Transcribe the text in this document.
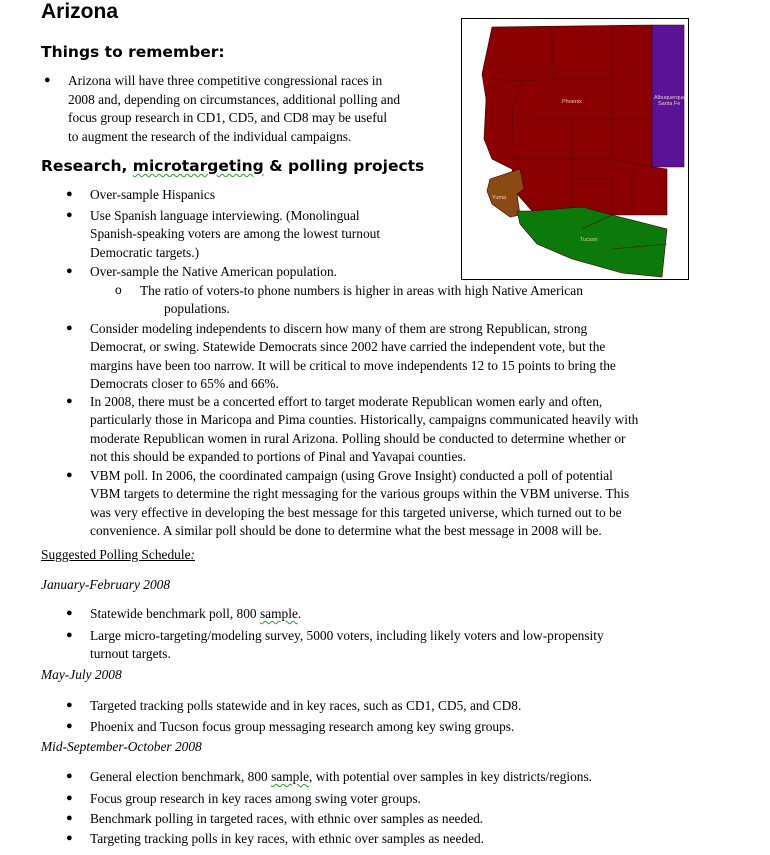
Arizona
Things to remember:
● Arizona will have three competitive congressional races in
2008 and, depending on circumstances, additional polling and
focus group research in CD1, CD5, and CD8 may be useful
to augment the research of the individual campaigns.
Research, microtargeting & polling projects
● Over-sample Hispanics
● Use Spanish language interviewing. (Monolingual
Spanish-speaking voters are among the lowest turnout
Democratic targets.)
● Over-sample the Native American population.
● Consider modeling independents to discern how many of them are strong Republican, strong
Democrat, or swing. Statewide Democrats since 2002 have carried the independent vote, but the
margins have been too narrow. It will be critical to move independents 12 to 15 points to bring the
Democrats closer to 65% and 66%.
● In 2008, there must be a concerted effort to target moderate Republican women early and often,
particularly those in Maricopa and Pima counties. Historically, campaigns communicated heavily with
moderate Republican women in rural Arizona. Polling should be conducted to determine whether or
not this should be expanded to portions of Pinal and Yavapai counties.
● VBM poll. In 2006, the coordinated campaign (using Grove Insight) conducted a poll of potential
VBM targets to determine the right messaging for the various groups within the VBM universe. This
was very effective in developing the best message for this targeted universe, which turned out to be
convenience. A similar poll should be done to determine what the best message in 2008 will be.
o The ratio of voters-to phone numbers is higher in areas with high Native American
populations.
Suggested Polling Schedule:
January-February 2008
● Statewide benchmark poll, 800 sample.
● Large micro-targeting/modeling survey, 5000 voters, including likely voters and low-propensity
turnout targets.
May-July 2008
● Targeted tracking polls statewide and in key races, such as CD1, CD5, and CD8.
● Phoenix and Tucson focus group messaging research among key swing groups.
Mid-September-October 2008
● General election benchmark, 800 sample, with potential over samples in key districts/regions.
● Focus group research in key races among swing voter groups.
● Benchmark polling in targeted races, with ethnic over samples as needed.
● Targeting tracking polls in key races, with ethnic over samples as needed.
Phoenix
Tucson
Yuma
Albuquerque
Santa Fe
